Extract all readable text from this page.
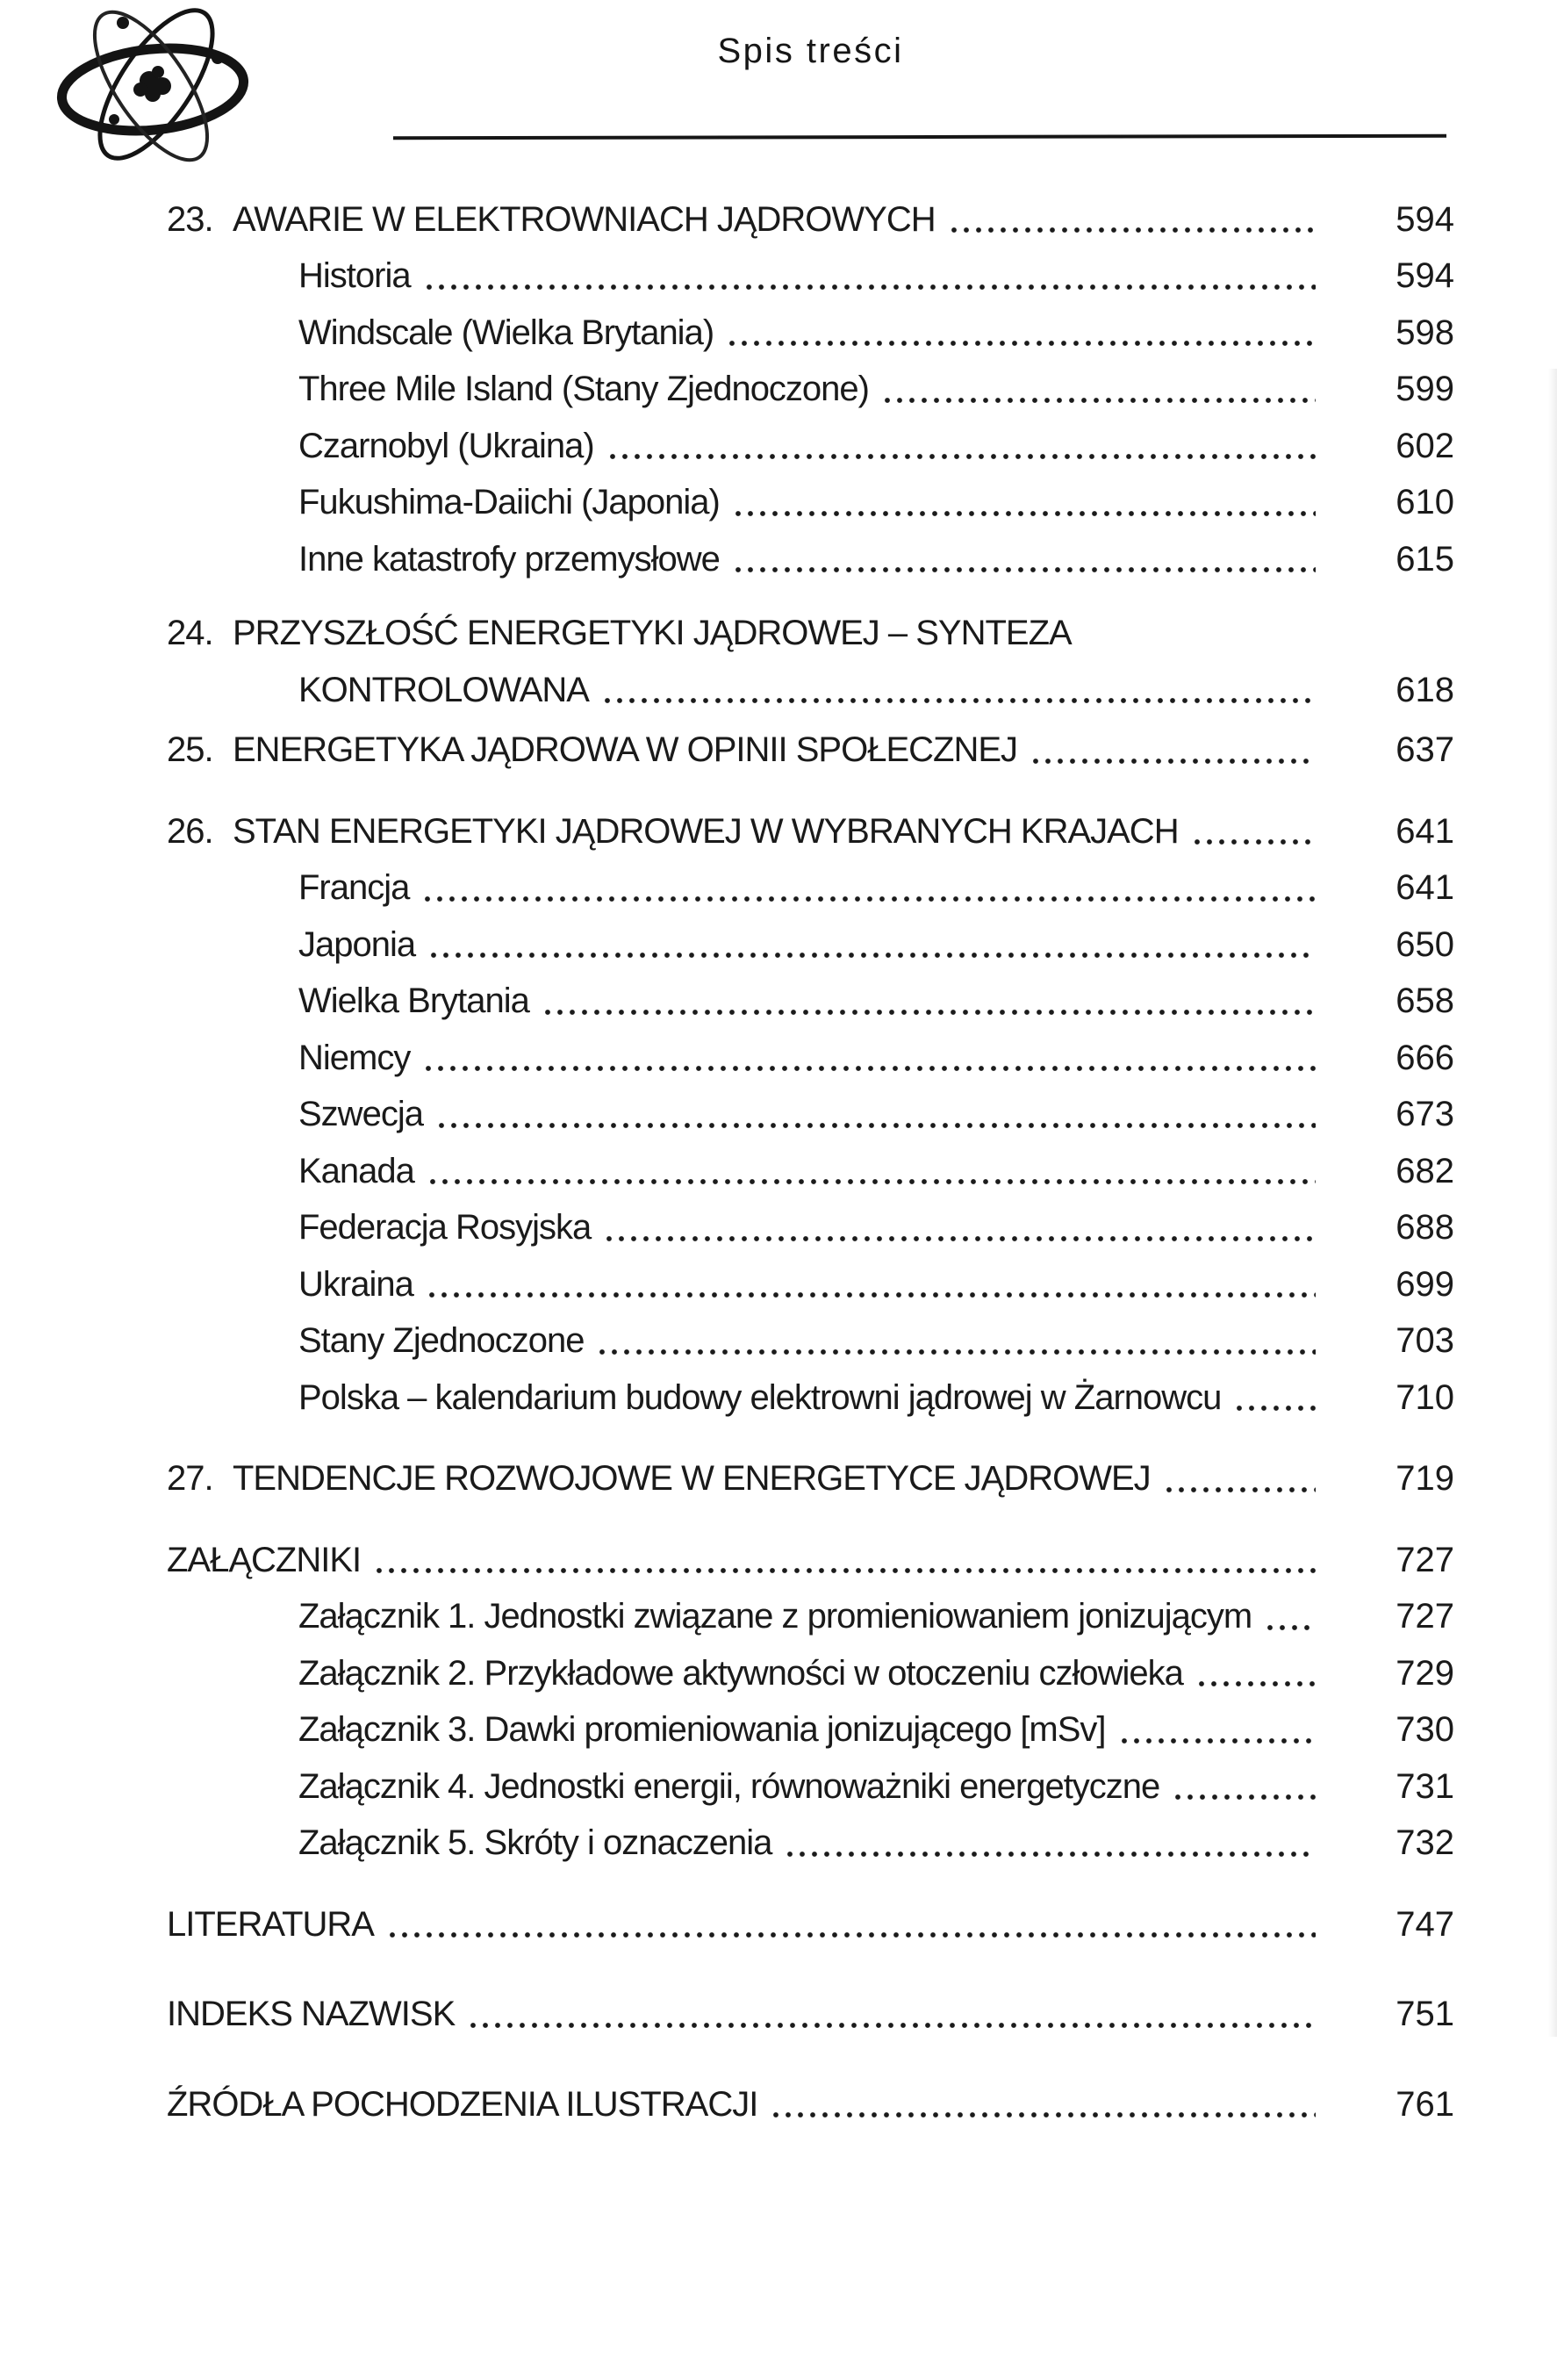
Spis treści
23. AWARIE W ELEKTROWNIACH JĄDROWYCH	594
Historia	594
Windscale (Wielka Brytania)	598
Three Mile Island (Stany Zjednoczone)	599
Czarnobyl (Ukraina)	602
Fukushima-Daiichi (Japonia)	610
Inne katastrofy przemysłowe	615
24. PRZYSZŁOŚĆ ENERGETYKI JĄDROWEJ – SYNTEZA
KONTROLOWANA	618
25. ENERGETYKA JĄDROWA W OPINII SPOŁECZNEJ	637
26. STAN ENERGETYKI JĄDROWEJ W WYBRANYCH KRAJACH	641
Francja	641
Japonia	650
Wielka Brytania	658
Niemcy	666
Szwecja	673
Kanada	682
Federacja Rosyjska	688
Ukraina	699
Stany Zjednoczone	703
Polska – kalendarium budowy elektrowni jądrowej w Żarnowcu	710
27. TENDENCJE ROZWOJOWE W ENERGETYCE JĄDROWEJ	719
ZAŁĄCZNIKI	727
Załącznik 1. Jednostki związane z promieniowaniem jonizującym	727
Załącznik 2. Przykładowe aktywności w otoczeniu człowieka	729
Załącznik 3. Dawki promieniowania jonizującego [mSv]	730
Załącznik 4. Jednostki energii, równoważniki energetyczne	731
Załącznik 5. Skróty i oznaczenia	732
LITERATURA	747
INDEKS NAZWISK	751
ŹRÓDŁA POCHODZENIA ILUSTRACJI	761
